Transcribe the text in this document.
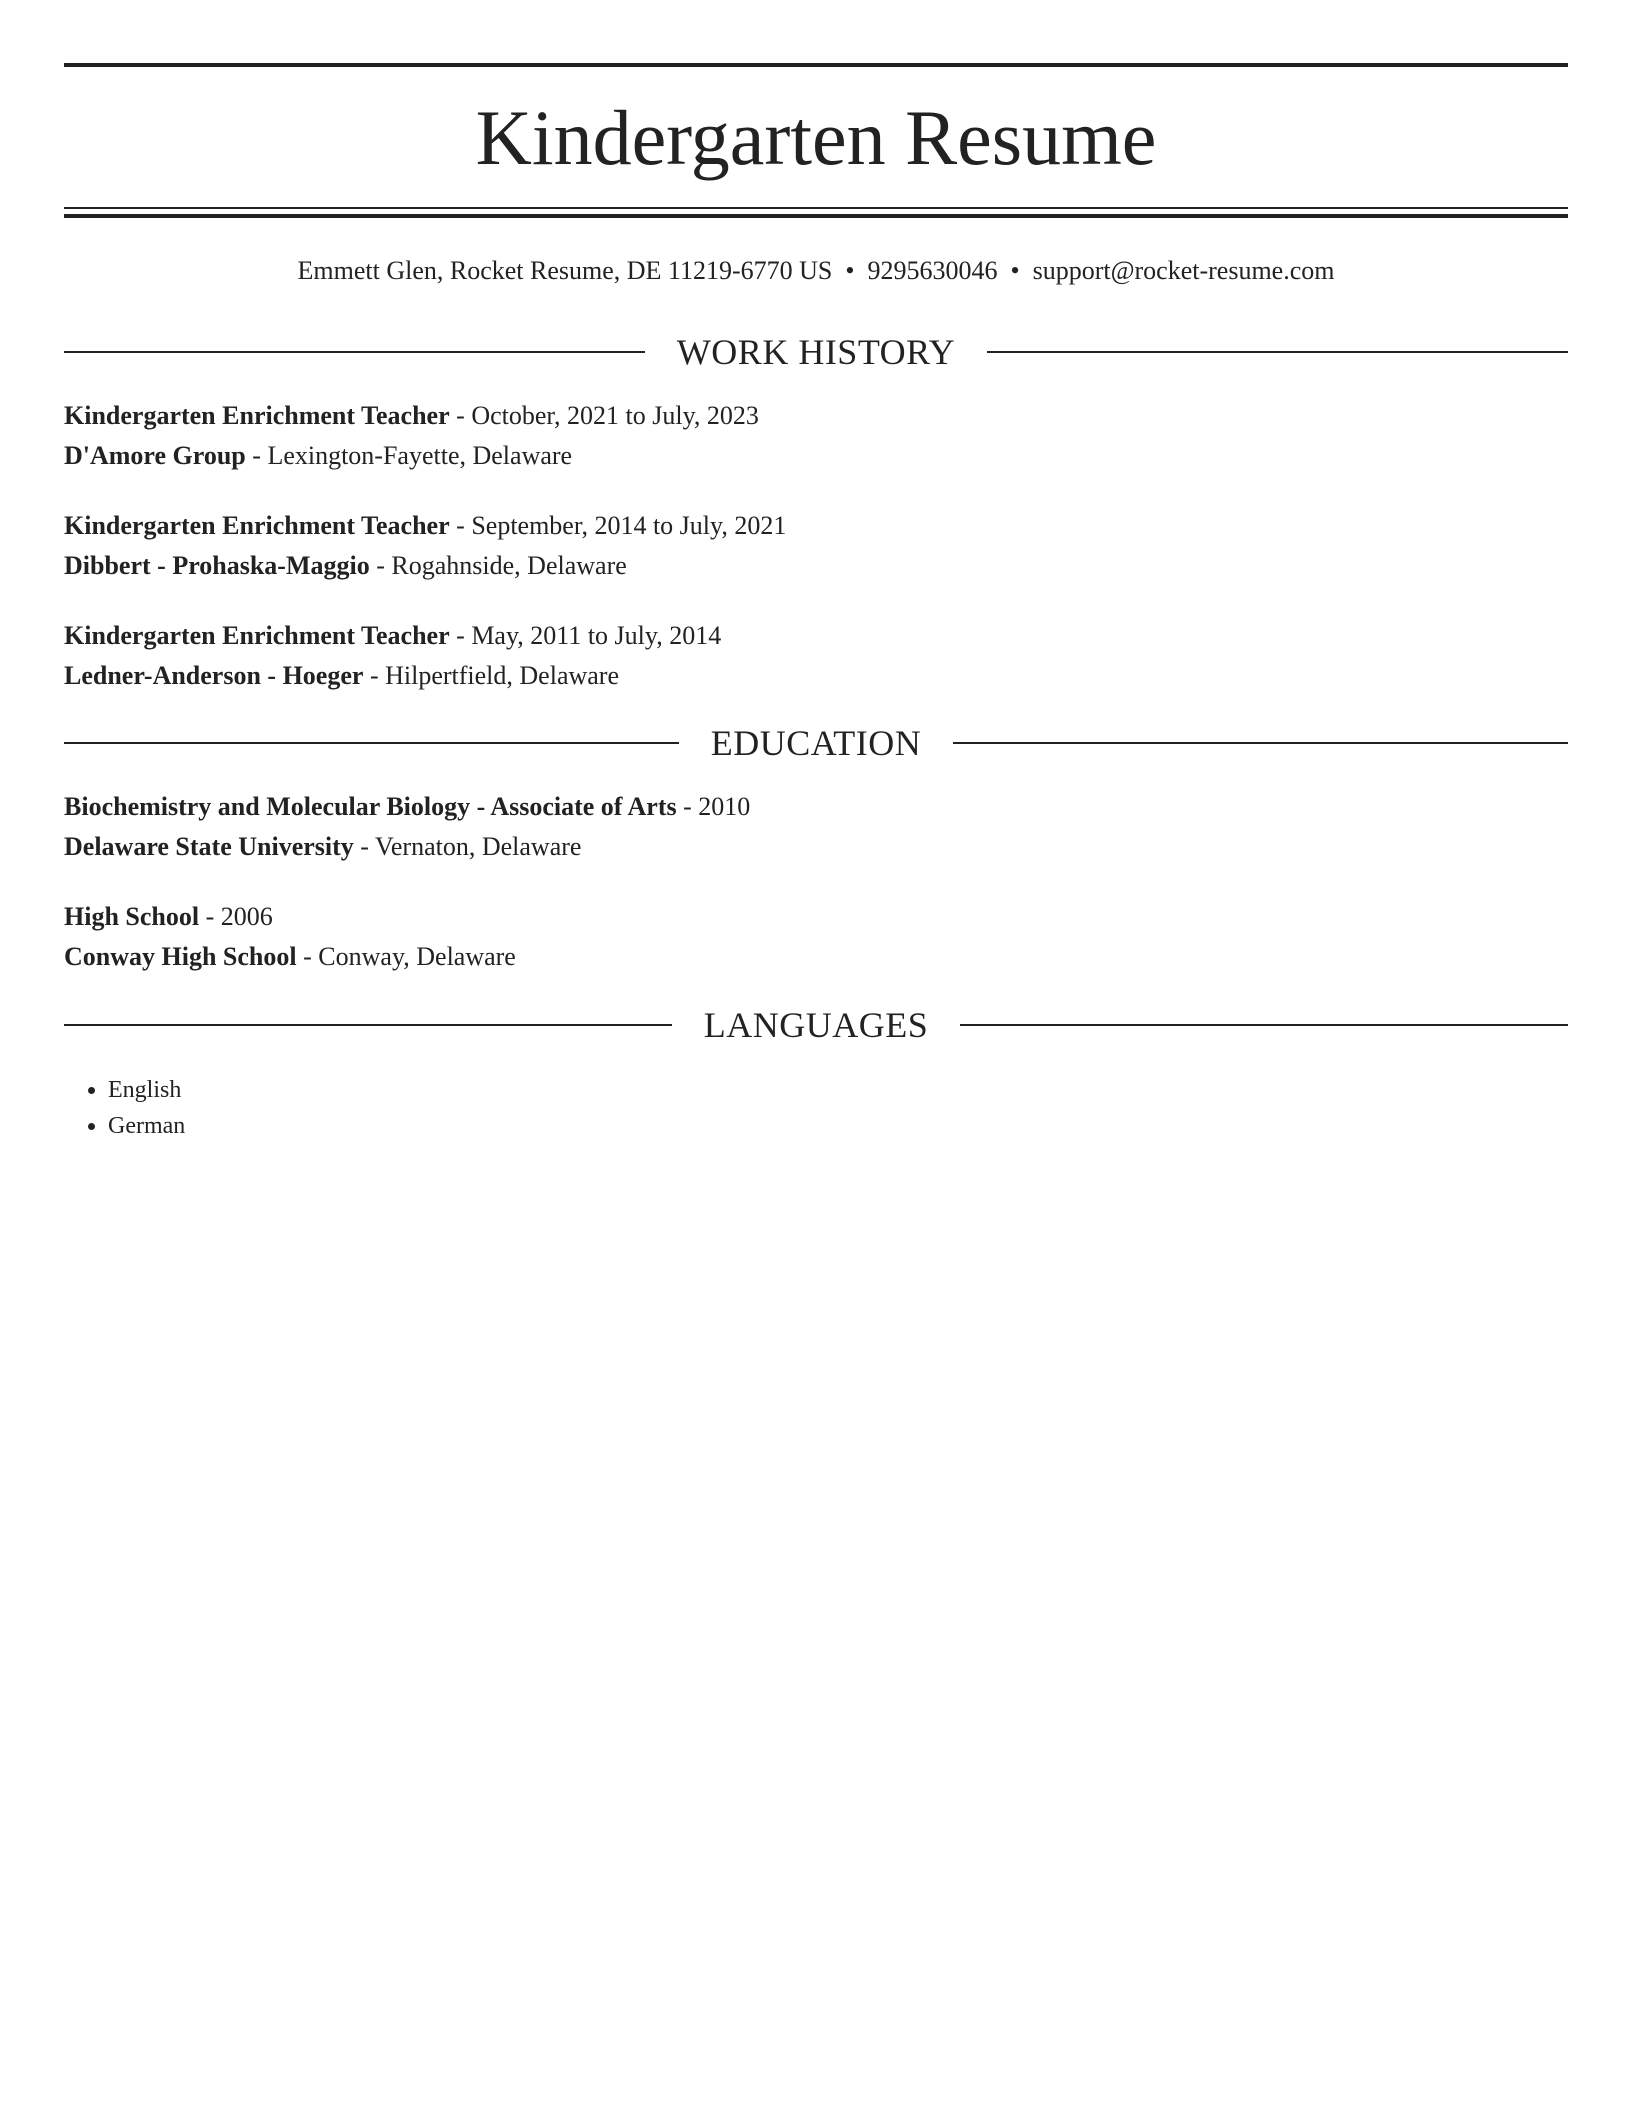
Kindergarten Resume
Emmett Glen, Rocket Resume, DE 11219-6770 US • 9295630046 • support@rocket-resume.com
WORK HISTORY
Kindergarten Enrichment Teacher - October, 2021 to July, 2023
D'Amore Group - Lexington-Fayette, Delaware
Kindergarten Enrichment Teacher - September, 2014 to July, 2021
Dibbert - Prohaska-Maggio - Rogahnside, Delaware
Kindergarten Enrichment Teacher - May, 2011 to July, 2014
Ledner-Anderson - Hoeger - Hilpertfield, Delaware
EDUCATION
Biochemistry and Molecular Biology - Associate of Arts - 2010
Delaware State University - Vernaton, Delaware
High School - 2006
Conway High School - Conway, Delaware
LANGUAGES
• English
• German
